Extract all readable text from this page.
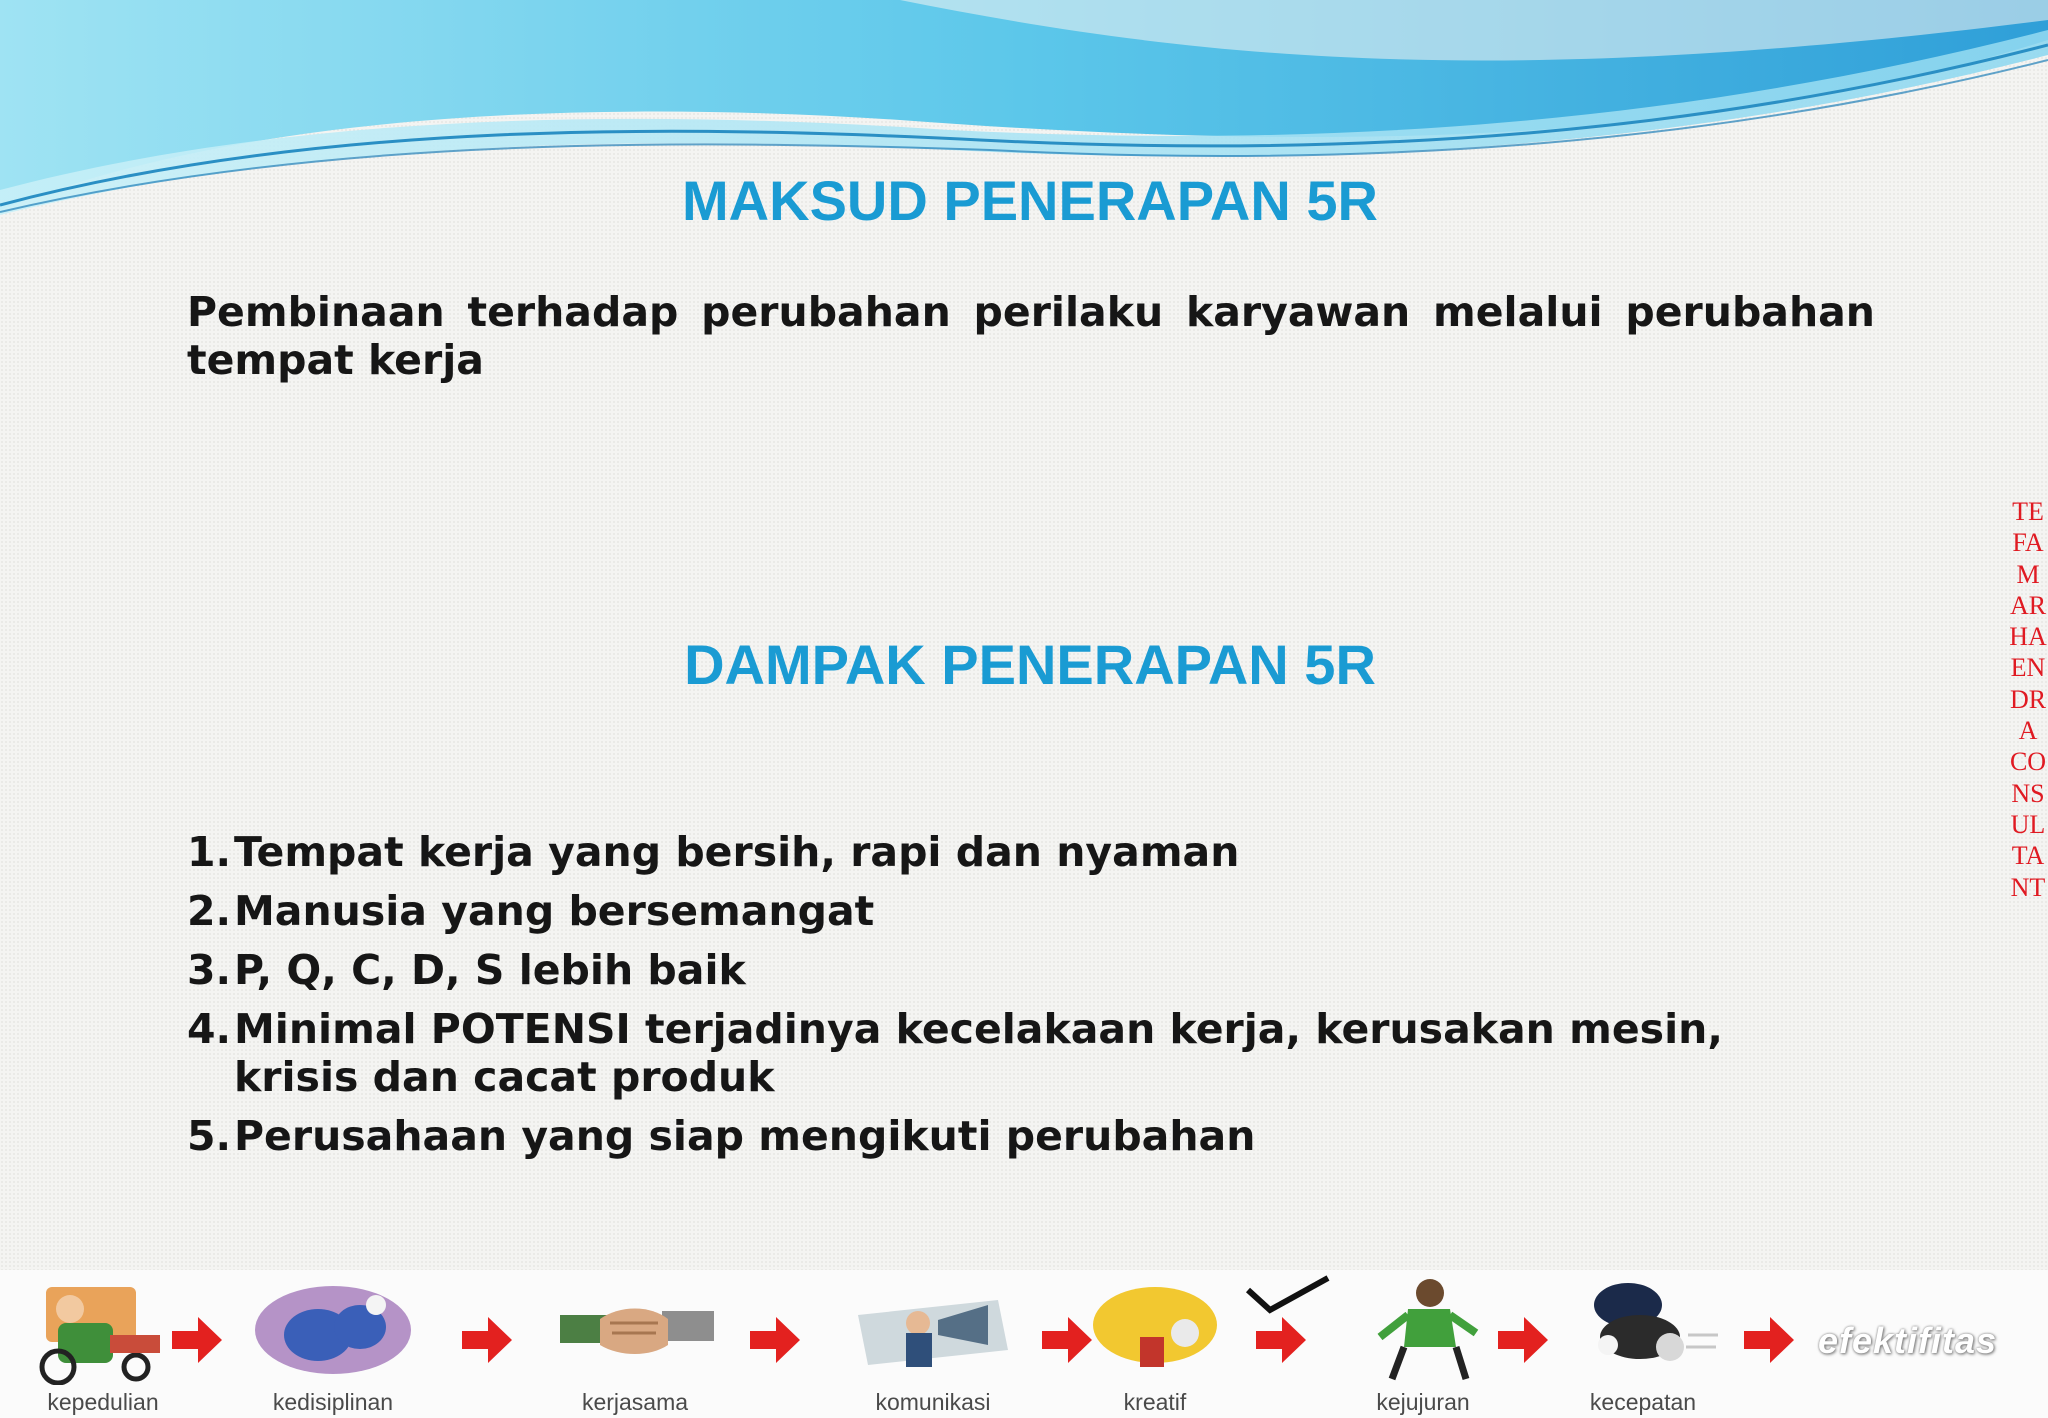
MAKSUD PENERAPAN 5R

Pembinaan terhadap perubahan perilaku karyawan melalui perubahan tempat kerja

DAMPAK PENERAPAN 5R
1. Tempat kerja yang bersih, rapi dan nyaman
2. Manusia yang bersemangat
3. P, Q, C, D, S lebih baik
4. Minimal POTENSI terjadinya kecelakaan kerja, kerusakan mesin, krisis dan cacat produk
5. Perusahaan yang siap mengikuti perubahan
TEFA MARHAENDRA CONSULTANT
kepedulian	kedisiplinan	kerjasama	komunikasi	kreatif	kejujuran	kecepatan
efektifitas
